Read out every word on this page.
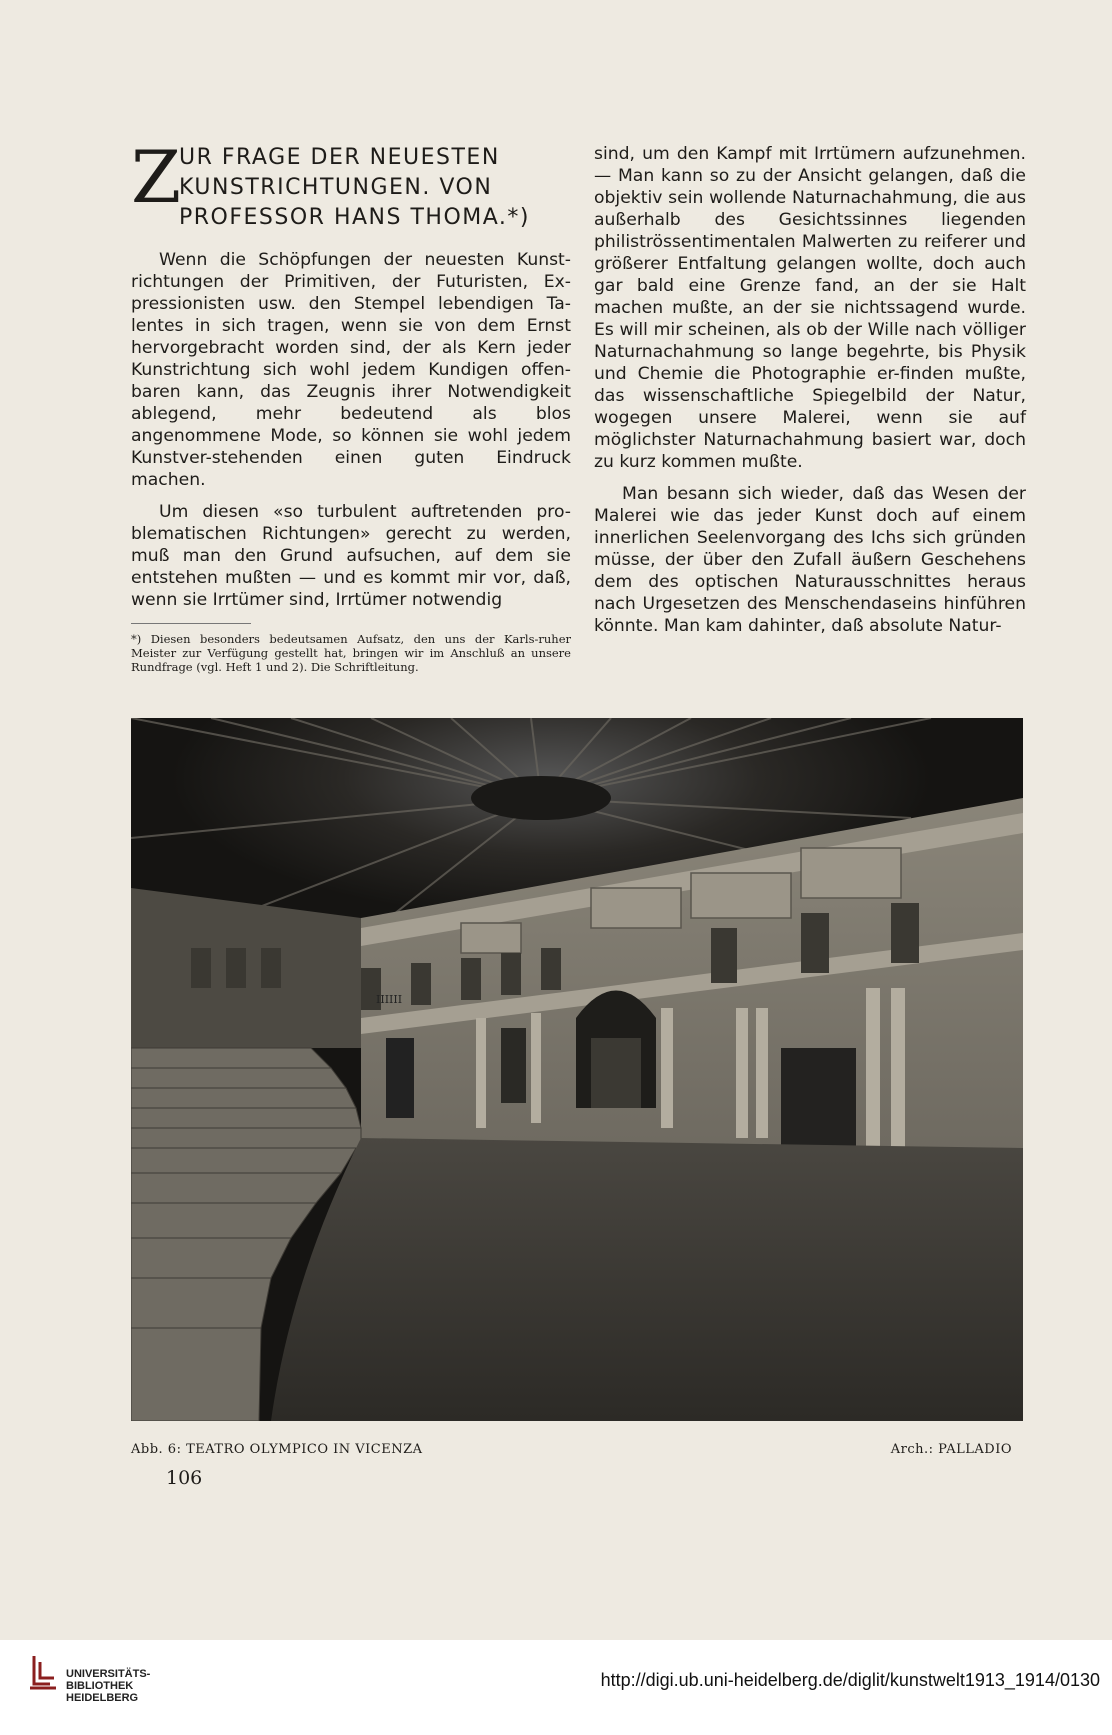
Z
UR FRAGE DER NEUESTEN
KUNSTRICHTUNGEN. VON
PROFESSOR HANS THOMA.*)

Wenn die Schöpfungen der neuesten Kunst-richtungen der Primitiven, der Futuristen, Ex-pressionisten usw. den Stempel lebendigen Ta-lentes in sich tragen, wenn sie von dem Ernst hervorgebracht worden sind, der als Kern jeder Kunstrichtung sich wohl jedem Kundigen offen-baren kann, das Zeugnis ihrer Notwendigkeit ablegend, mehr bedeutend als blos angenommene Mode, so können sie wohl jedem Kunstver-stehenden einen guten Eindruck machen.

Um diesen «so turbulent auftretenden pro-blematischen Richtungen» gerecht zu werden, muß man den Grund aufsuchen, auf dem sie entstehen mußten — und es kommt mir vor, daß, wenn sie Irrtümer sind, Irrtümer notwendig

*) Diesen besonders bedeutsamen Aufsatz, den uns der Karls-ruher Meister zur Verfügung gestellt hat, bringen wir im Anschluß an unsere Rundfrage (vgl. Heft 1 und 2). Die Schriftleitung.

sind, um den Kampf mit Irrtümern aufzunehmen. — Man kann so zu der Ansicht gelangen, daß die objektiv sein wollende Naturnachahmung, die aus außerhalb des Gesichtssinnes liegenden philiströssentimentalen Malwerten zu reiferer und größerer Entfaltung gelangen wollte, doch auch gar bald eine Grenze fand, an der sie Halt machen mußte, an der sie nichtssagend wurde. Es will mir scheinen, als ob der Wille nach völliger Naturnachahmung so lange begehrte, bis Physik und Chemie die Photographie er-finden mußte, das wissenschaftliche Spiegelbild der Natur, wogegen unsere Malerei, wenn sie auf möglichster Naturnachahmung basiert war, doch zu kurz kommen mußte.

Man besann sich wieder, daß das Wesen der Malerei wie das jeder Kunst doch auf einem innerlichen Seelenvorgang des Ichs sich gründen müsse, der über den Zufall äußern Geschehens dem des optischen Naturausschnittes heraus nach Urgesetzen des Menschendaseins hinführen könnte. Man kam dahinter, daß absolute Natur-

IIIIII
Abb. 6: TEATRO OLYMPICO IN VICENZA	Arch.: PALLADIO
106
UNIVERSITÄTS-
BIBLIOTHEK
HEIDELBERG
http://digi.ub.uni-heidelberg.de/diglit/kunstwelt1913_1914/0130
